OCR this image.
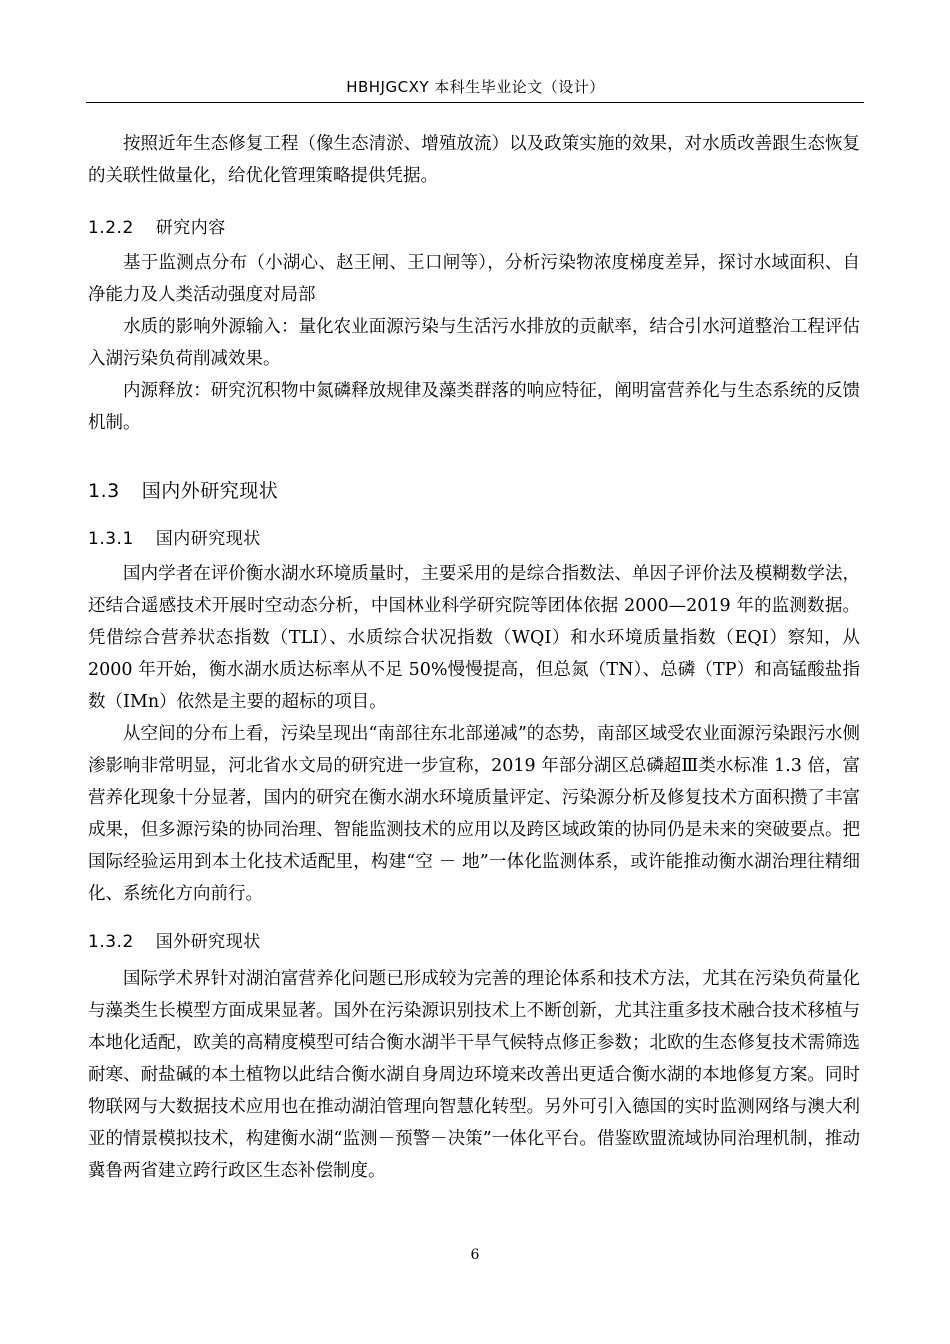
HBHJGCXY 本科生毕业论文（设计）

按照近年生态修复工程（像生态清淤、增殖放流）以及政策实施的效果，对水质改善跟生态恢复的关联性做量化，给优化管理策略提供凭据。

1.2.2 研究内容

基于监测点分布（小湖心、赵王闸、王口闸等），分析污染物浓度梯度差异，探讨水域面积、自净能力及人类活动强度对局部

水质的影响外源输入：量化农业面源污染与生活污水排放的贡献率，结合引水河道整治工程评估入湖污染负荷削减效果。

内源释放：研究沉积物中氮磷释放规律及藻类群落的响应特征，阐明富营养化与生态系统的反馈机制。

1.3 国内外研究现状
1.3.1 国内研究现状

国内学者在评价衡水湖水环境质量时，主要采用的是综合指数法、单因子评价法及模糊数学法，还结合遥感技术开展时空动态分析，中国林业科学研究院等团体依据 2000—2019 年的监测数据。凭借综合营养状态指数（TLI）、水质综合状况指数（WQI）和水环境质量指数（EQI）察知，从 2000 年开始，衡水湖水质达标率从不足 50%慢慢提高，但总氮（TN）、总磷（TP）和高锰酸盐指数（IMn）依然是主要的超标的项目。

从空间的分布上看，污染呈现出“南部往东北部递减”的态势，南部区域受农业面源污染跟污水侧渗影响非常明显，河北省水文局的研究进一步宣称，2019 年部分湖区总磷超Ⅲ类水标准 1.3 倍，富营养化现象十分显著，国内的研究在衡水湖水环境质量评定、污染源分析及修复技术方面积攒了丰富成果，但多源污染的协同治理、智能监测技术的应用以及跨区域政策的协同仍是未来的突破要点。把国际经验运用到本土化技术适配里，构建“空 － 地”一体化监测体系，或许能推动衡水湖治理往精细化、系统化方向前行。

1.3.2 国外研究现状

国际学术界针对湖泊富营养化问题已形成较为完善的理论体系和技术方法，尤其在污染负荷量化与藻类生长模型方面成果显著。国外在污染源识别技术上不断创新，尤其注重多技术融合技术移植与本地化适配，欧美的高精度模型可结合衡水湖半干旱气候特点修正参数；北欧的生态修复技术需筛选耐寒、耐盐碱的本土植物以此结合衡水湖自身周边环境来改善出更适合衡水湖的本地修复方案。同时物联网与大数据技术应用也在推动湖泊管理向智慧化转型。另外可引入德国的实时监测网络与澳大利亚的情景模拟技术，构建衡水湖“监测－预警－决策”一体化平台。借鉴欧盟流域协同治理机制，推动冀鲁两省建立跨行政区生态补偿制度。

6
